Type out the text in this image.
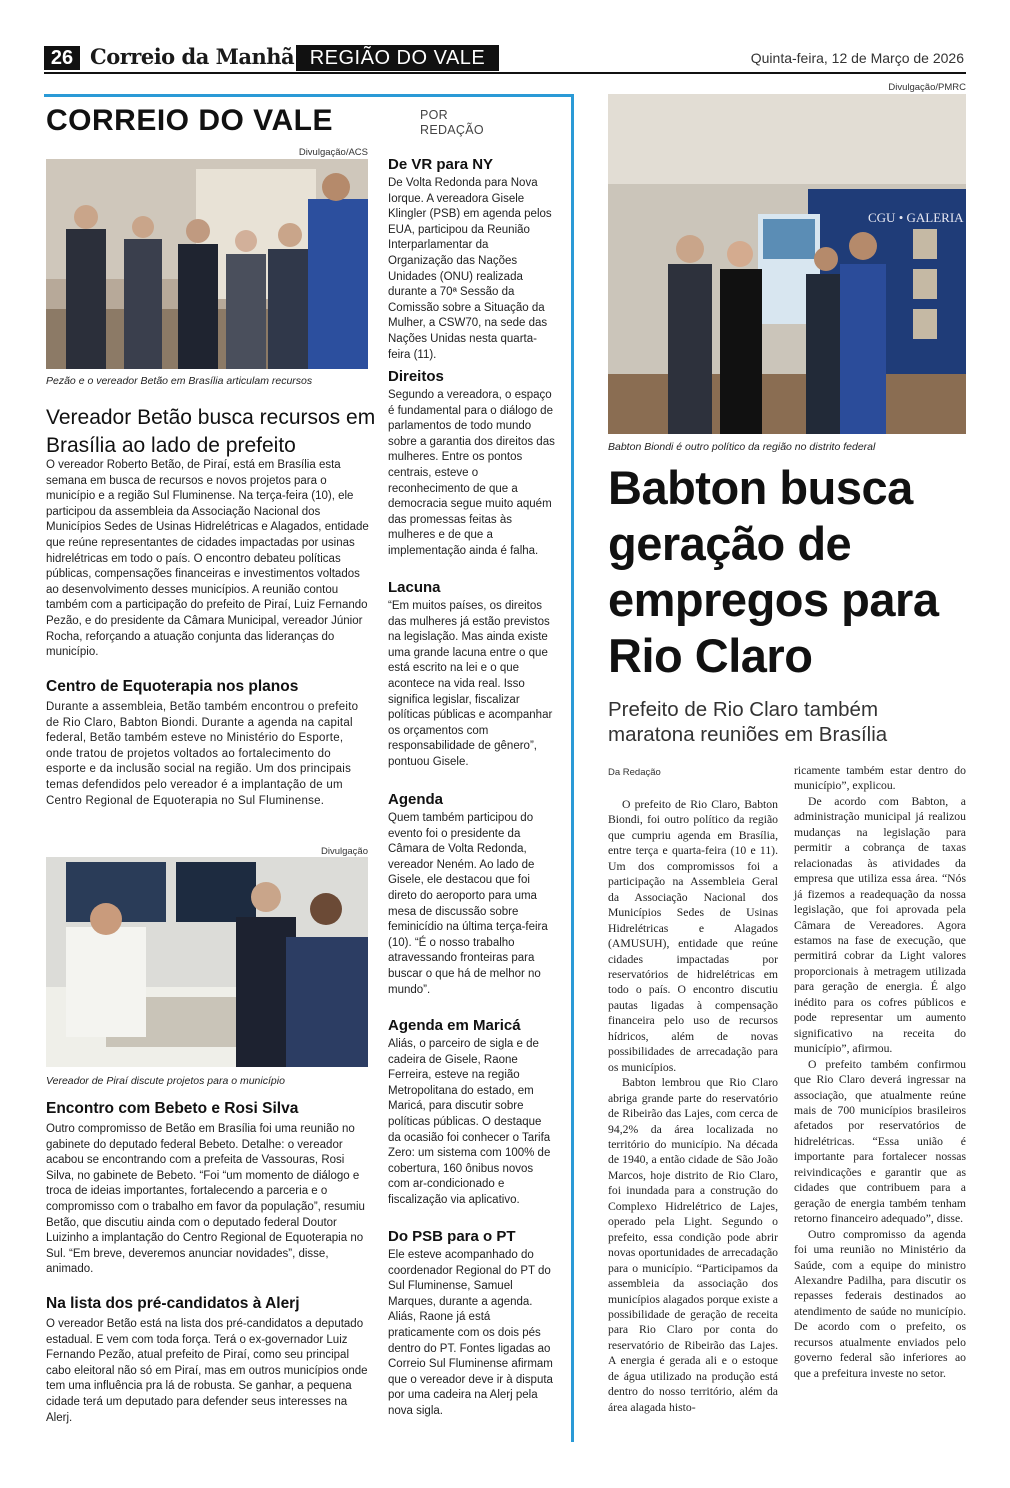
26 Correio da Manhã REGIÃO DO VALE	Quinta-feira, 12 de Março de 2026
CORREIO DO VALE	POR
REDAÇÃO
Divulgação/ACS
Pezão e o vereador Betão em Brasília articulam recursos
Vereador Betão busca recursos em Brasília ao lado de prefeito
O vereador Roberto Betão, de Piraí, está em Brasília esta semana em busca de recursos e novos projetos para o município e a região Sul Fluminense. Na terça-feira (10), ele participou da assembleia da Associação Nacional dos Municípios Sedes de Usinas Hidrelétricas e Alagados, entidade que reúne representantes de cidades impactadas por usinas hidrelétricas em todo o país. O encontro debateu políticas públicas, compensações financeiras e investimentos voltados ao desenvolvimento desses municípios. A reunião contou também com a participação do prefeito de Piraí, Luiz Fernando Pezão, e do presidente da Câmara Municipal, vereador Júnior Rocha, reforçando a atuação conjunta das lideranças do município.
Centro de Equoterapia nos planos
Durante a assembleia, Betão também encontrou o prefeito de Rio Claro, Babton Biondi. Durante a agenda na capital federal, Betão também esteve no Ministério do Esporte, onde tratou de projetos voltados ao fortalecimento do esporte e da inclusão social na região. Um dos principais temas defendidos pelo vereador é a implantação de um Centro Regional de Equoterapia no Sul Fluminense.
Divulgação
Vereador de Piraí discute projetos para o município
Encontro com Bebeto e Rosi Silva
Outro compromisso de Betão em Brasília foi uma reunião no gabinete do deputado federal Bebeto. Detalhe: o vereador acabou se encontrando com a prefeita de Vassouras, Rosi Silva, no gabinete de Bebeto. “Foi “um momento de diálogo e troca de ideias importantes, fortalecendo a parceria e o compromisso com o trabalho em favor da população”, resumiu Betão, que discutiu ainda com o deputado federal Doutor Luizinho a implantação do Centro Regional de Equoterapia no Sul. “Em breve, deveremos anunciar novidades”, disse, animado.
Na lista dos pré-candidatos à Alerj
O vereador Betão está na lista dos pré-candidatos a deputado estadual. E vem com toda força. Terá o ex-governador Luiz Fernando Pezão, atual prefeito de Piraí, como seu principal cabo eleitoral não só em Piraí, mas em outros municípios onde tem uma influência pra lá de robusta. Se ganhar, a pequena cidade terá um deputado para defender seus interesses na Alerj.
De VR para NY
De Volta Redonda para Nova Iorque. A vereadora Gisele Klingler (PSB) em agenda pelos EUA, participou da Reunião Interparlamentar da Organização das Nações Unidades (ONU) realizada durante a 70ª Sessão da Comissão sobre a Situação da Mulher, a CSW70, na sede das Nações Unidas nesta quarta-feira (11).
Direitos
Segundo a vereadora, o espaço é fundamental para o diálogo de parlamentos de todo mundo sobre a garantia dos direitos das mulheres. Entre os pontos centrais, esteve o reconhecimento de que a democracia segue muito aquém das promessas feitas às mulheres e de que a implementação ainda é falha.
Lacuna
“Em muitos países, os direitos das mulheres já estão previstos na legislação. Mas ainda existe uma grande lacuna entre o que está escrito na lei e o que acontece na vida real. Isso significa legislar, fiscalizar políticas públicas e acompanhar os orçamentos com responsabilidade de gênero”, pontuou Gisele.
Agenda
Quem também participou do evento foi o presidente da Câmara de Volta Redonda, vereador Neném. Ao lado de Gisele, ele destacou que foi direto do aeroporto para uma mesa de discussão sobre feminicídio na última terça-feira (10). “É o nosso trabalho atravessando fronteiras para buscar o que há de melhor no mundo”.
Agenda em Maricá
Aliás, o parceiro de sigla e de cadeira de Gisele, Raone Ferreira, esteve na região Metropolitana do estado, em Maricá, para discutir sobre políticas públicas. O destaque da ocasião foi conhecer o Tarifa Zero: um sistema com 100% de cobertura, 160 ônibus novos com ar-condicionado e fiscalização via aplicativo.
Do PSB para o PT
Ele esteve acompanhado do coordenador Regional do PT do Sul Fluminense, Samuel Marques, durante a agenda. Aliás, Raone já está praticamente com os dois pés dentro do PT. Fontes ligadas ao Correio Sul Fluminense afirmam que o vereador deve ir à disputa por uma cadeira na Alerj pela nova sigla.
Divulgação/PMRC
CGU • GALERIA
Babton Biondi é outro político da região no distrito federal
Babton busca geração de empregos para Rio Claro
Prefeito de Rio Claro também maratona reuniões em Brasília
Da Redação

O prefeito de Rio Claro, Babton Biondi, foi outro político da região que cumpriu agenda em Brasília, entre terça e quarta-feira (10 e 11). Um dos compromissos foi a participação na Assembleia Geral da Associação Nacional dos Municípios Sedes de Usinas Hidrelétricas e Alagados (AMUSUH), entidade que reúne cidades impactadas por reservatórios de hidrelétricas em todo o país. O encontro discutiu pautas ligadas à compensação financeira pelo uso de recursos hídricos, além de novas possibilidades de arrecadação para os municípios.

Babton lembrou que Rio Claro abriga grande parte do reservatório de Ribeirão das Lajes, com cerca de 94,2% da área localizada no território do município. Na década de 1940, a então cidade de São João Marcos, hoje distrito de Rio Claro, foi inundada para a construção do Complexo Hidrelétrico de Lajes, operado pela Light. Segundo o prefeito, essa condição pode abrir novas oportunidades de arrecadação para o município. “Participamos da assembleia da associação dos municípios alagados porque existe a possibilidade de geração de receita para Rio Claro por conta do reservatório de Ribeirão das Lajes. A energia é gerada ali e o estoque de água utilizado na produção está dentro do nosso território, além da área alagada histo-

ricamente também estar dentro do município”, explicou.

De acordo com Babton, a administração municipal já realizou mudanças na legislação para permitir a cobrança de taxas relacionadas às atividades da empresa que utiliza essa área. “Nós já fizemos a readequação da nossa legislação, que foi aprovada pela Câmara de Vereadores. Agora estamos na fase de execução, que permitirá cobrar da Light valores proporcionais à metragem utilizada para geração de energia. É algo inédito para os cofres públicos e pode representar um aumento significativo na receita do município”, afirmou.

O prefeito também confirmou que Rio Claro deverá ingressar na associação, que atualmente reúne mais de 700 municípios brasileiros afetados por reservatórios de hidrelétricas. “Essa união é importante para fortalecer nossas reivindicações e garantir que as cidades que contribuem para a geração de energia também tenham retorno financeiro adequado”, disse.

Outro compromisso da agenda foi uma reunião no Ministério da Saúde, com a equipe do ministro Alexandre Padilha, para discutir os repasses federais destinados ao atendimento de saúde no município. De acordo com o prefeito, os recursos atualmente enviados pelo governo federal são inferiores ao que a prefeitura investe no setor.
